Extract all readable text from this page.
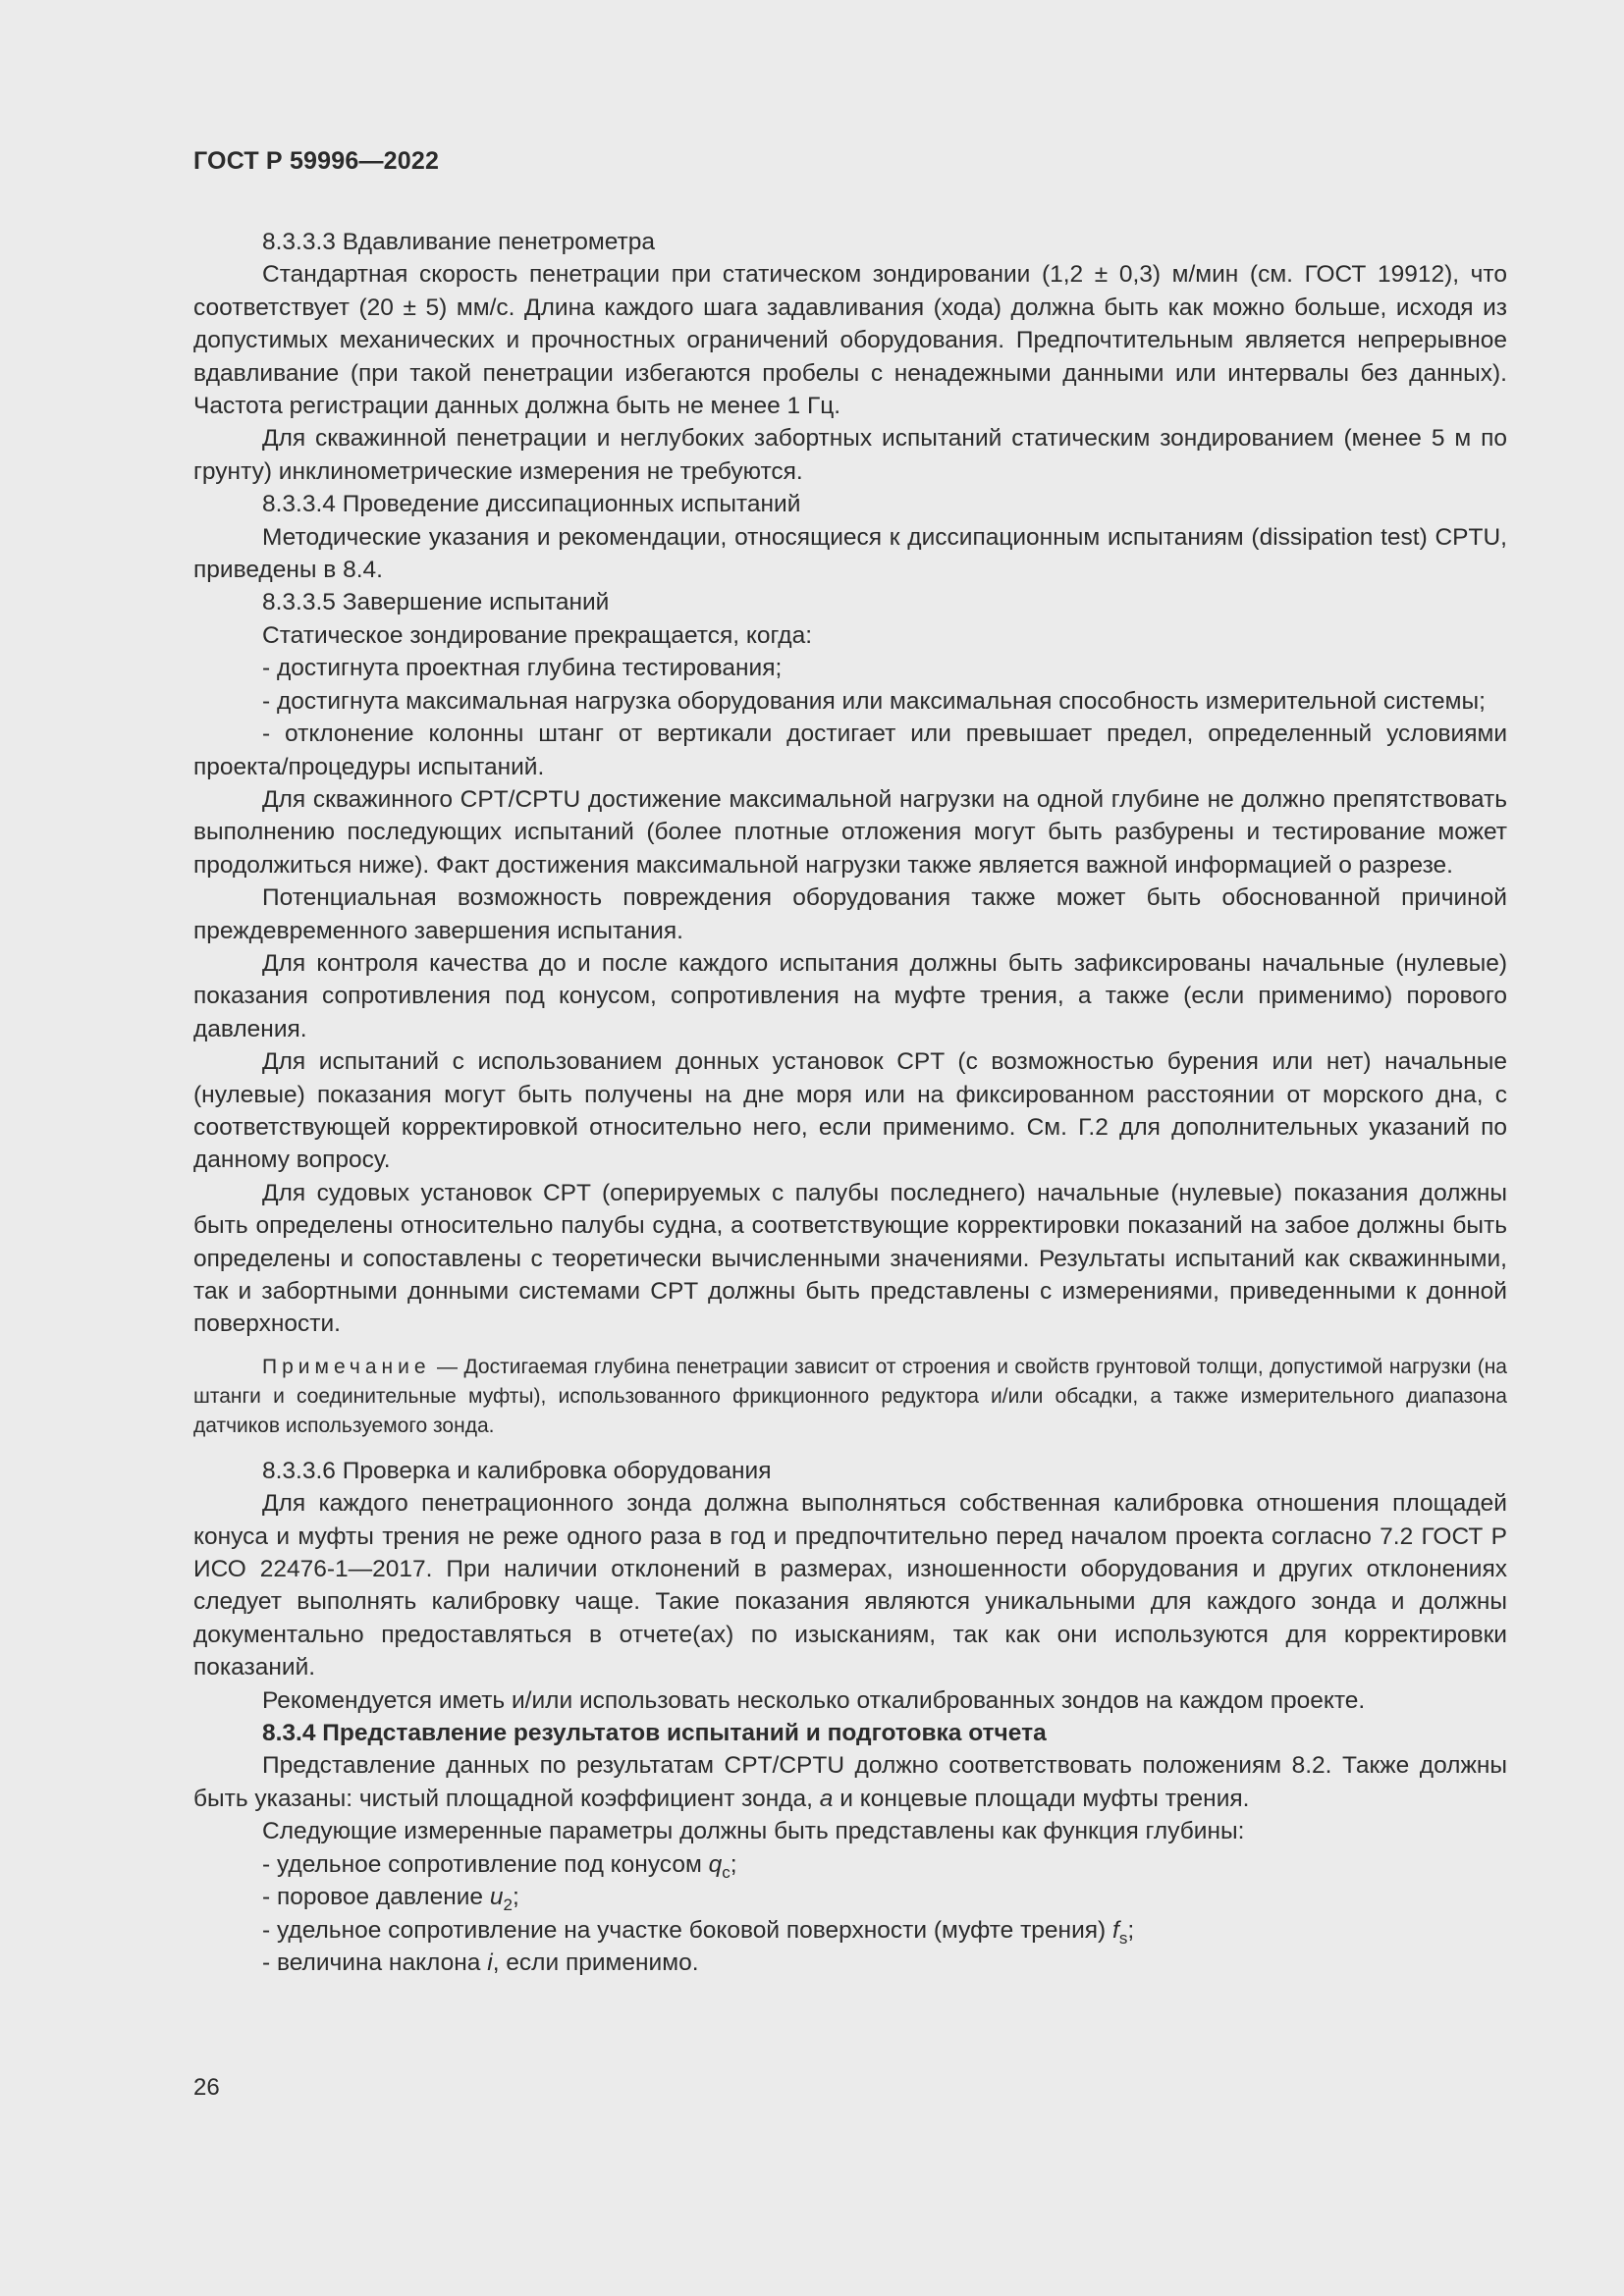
ГОСТ Р 59996—2022

8.3.3.3 Вдавливание пенетрометра

Стандартная скорость пенетрации при статическом зондировании (1,2 ± 0,3) м/мин (см. ГОСТ 19912), что соответствует (20 ± 5) мм/с. Длина каждого шага задавливания (хода) должна быть как можно больше, исходя из допустимых механических и прочностных ограничений оборудования. Предпочтительным является непрерывное вдавливание (при такой пенетрации избегаются пробелы с ненадежными данными или интервалы без данных). Частота регистрации данных должна быть не менее 1 Гц.

Для скважинной пенетрации и неглубоких забортных испытаний статическим зондированием (менее 5 м по грунту) инклинометрические измерения не требуются.

8.3.3.4 Проведение диссипационных испытаний

Методические указания и рекомендации, относящиеся к диссипационным испытаниям (dissipation test) CPTU, приведены в 8.4.

8.3.3.5 Завершение испытаний

Статическое зондирование прекращается, когда:

- достигнута проектная глубина тестирования;

- достигнута максимальная нагрузка оборудования или максимальная способность измерительной системы;

- отклонение колонны штанг от вертикали достигает или превышает предел, определенный условиями проекта/процедуры испытаний.

Для скважинного CPT/CPTU достижение максимальной нагрузки на одной глубине не должно препятствовать выполнению последующих испытаний (более плотные отложения могут быть разбурены и тестирование может продолжиться ниже). Факт достижения максимальной нагрузки также является важной информацией о разрезе.

Потенциальная возможность повреждения оборудования также может быть обоснованной причиной преждевременного завершения испытания.

Для контроля качества до и после каждого испытания должны быть зафиксированы начальные (нулевые) показания сопротивления под конусом, сопротивления на муфте трения, а также (если применимо) порового давления.

Для испытаний с использованием донных установок CPT (с возможностью бурения или нет) начальные (нулевые) показания могут быть получены на дне моря или на фиксированном расстоянии от морского дна, с соответствующей корректировкой относительно него, если применимо. См. Г.2 для дополнительных указаний по данному вопросу.

Для судовых установок CPT (оперируемых с палубы последнего) начальные (нулевые) показания должны быть определены относительно палубы судна, а соответствующие корректировки показаний на забое должны быть определены и сопоставлены с теоретически вычисленными значениями. Результаты испытаний как скважинными, так и забортными донными системами CPT должны быть представлены с измерениями, приведенными к донной поверхности.

Примечание — Достигаемая глубина пенетрации зависит от строения и свойств грунтовой толщи, допустимой нагрузки (на штанги и соединительные муфты), использованного фрикционного редуктора и/или обсадки, а также измерительного диапазона датчиков используемого зонда.

8.3.3.6 Проверка и калибровка оборудования

Для каждого пенетрационного зонда должна выполняться собственная калибровка отношения площадей конуса и муфты трения не реже одного раза в год и предпочтительно перед началом проекта согласно 7.2 ГОСТ Р ИСО 22476-1—2017. При наличии отклонений в размерах, изношенности оборудования и других отклонениях следует выполнять калибровку чаще. Такие показания являются уникальными для каждого зонда и должны документально предоставляться в отчете(ах) по изысканиям, так как они используются для корректировки показаний.

Рекомендуется иметь и/или использовать несколько откалиброванных зондов на каждом проекте.

8.3.4 Представление результатов испытаний и подготовка отчета

Представление данных по результатам CPT/CPTU должно соответствовать положениям 8.2. Также должны быть указаны: чистый площадной коэффициент зонда, a и концевые площади муфты трения.

Следующие измеренные параметры должны быть представлены как функция глубины:

- удельное сопротивление под конусом $q_c$;

- поровое давление $u_2$;

- удельное сопротивление на участке боковой поверхности (муфте трения) $f_s$;

- величина наклона i, если применимо.

26
